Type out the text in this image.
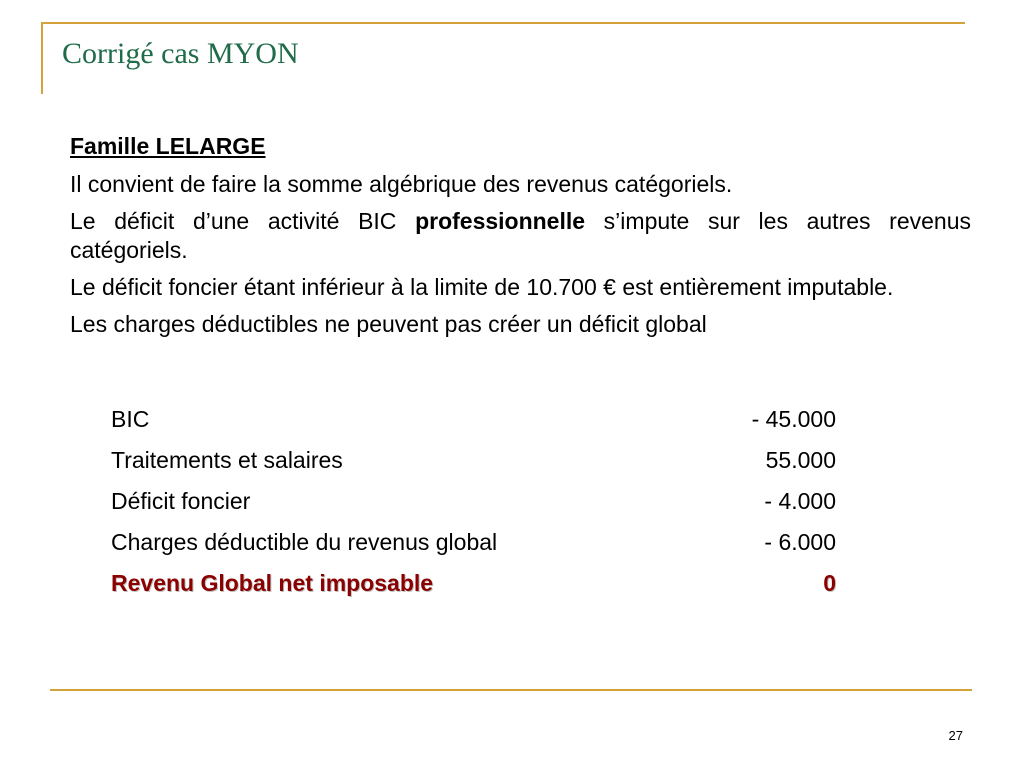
Corrigé cas MYON
Famille LELARGE
Il convient de faire la somme algébrique des revenus catégoriels.
Le déficit d’une activité BIC professionnelle s’impute sur les autres revenus catégoriels.
Le déficit foncier étant inférieur à la limite de 10.700 € est entièrement imputable.
Les charges déductibles ne peuvent pas créer un déficit global
BIC	- 45.000
Traitements et salaires	55.000
Déficit foncier	- 4.000
Charges déductible du revenus global	- 6.000
Revenu Global net imposable	0
27
